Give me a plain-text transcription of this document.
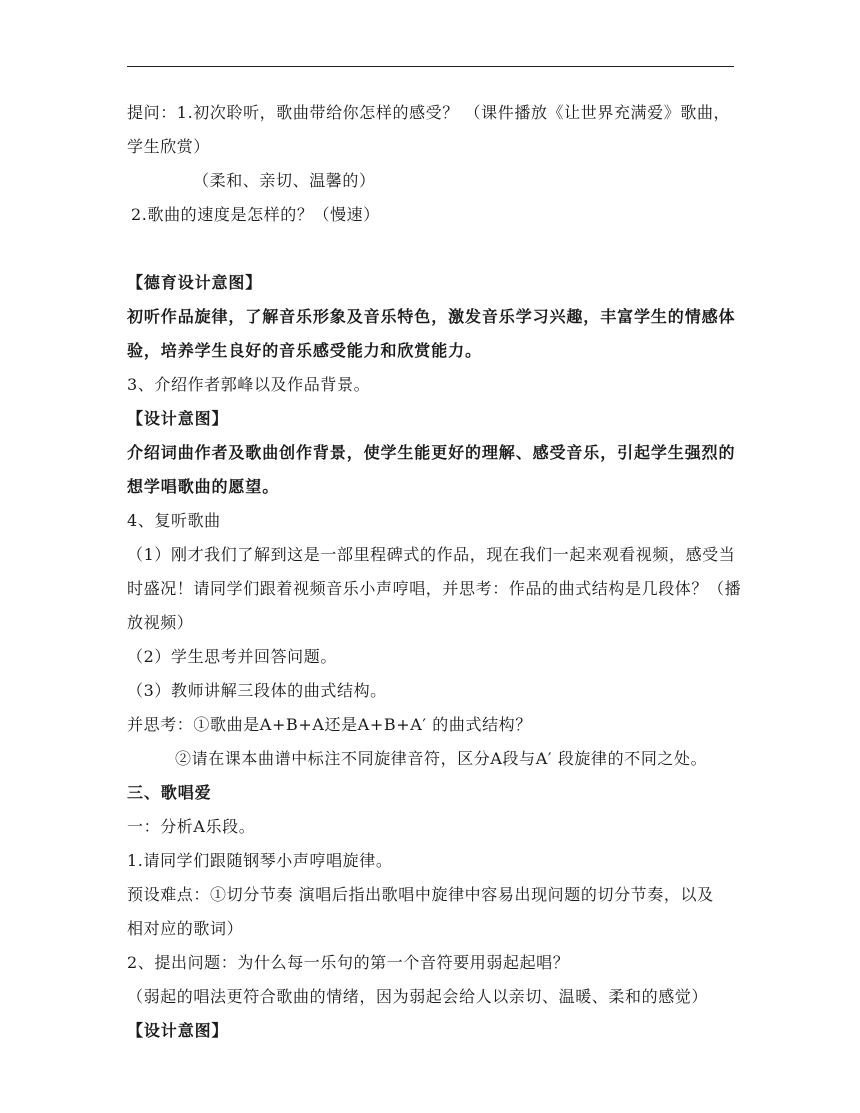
提问：1.初次聆听，歌曲带给你怎样的感受？ （课件播放《让世界充满爱》歌曲，
学生欣赏）
（柔和、亲切、温馨的）
2.歌曲的速度是怎样的？（慢速）
【德育设计意图】
初听作品旋律，了解音乐形象及音乐特色，激发音乐学习兴趣，丰富学生的情感体
验，培养学生良好的音乐感受能力和欣赏能力。
3、介绍作者郭峰以及作品背景。
【设计意图】
介绍词曲作者及歌曲创作背景，使学生能更好的理解、感受音乐，引起学生强烈的
想学唱歌曲的愿望。
4、复听歌曲
（1）刚才我们了解到这是一部里程碑式的作品，现在我们一起来观看视频，感受当
时盛况！请同学们跟着视频音乐小声哼唱，并思考：作品的曲式结构是几段体？（播
放视频）
（2）学生思考并回答问题。
（3）教师讲解三段体的曲式结构。
并思考：①歌曲是A+B+A还是A+B+A′ 的曲式结构？
②请在课本曲谱中标注不同旋律音符，区分A段与A′ 段旋律的不同之处。
三、歌唱爱
一：分析A乐段。
1.请同学们跟随钢琴小声哼唱旋律。
预设难点：①切分节奏 演唱后指出歌唱中旋律中容易出现问题的切分节奏，以及
相对应的歌词）
2、提出问题：为什么每一乐句的第一个音符要用弱起起唱？
（弱起的唱法更符合歌曲的情绪，因为弱起会给人以亲切、温暖、柔和的感觉）
【设计意图】
